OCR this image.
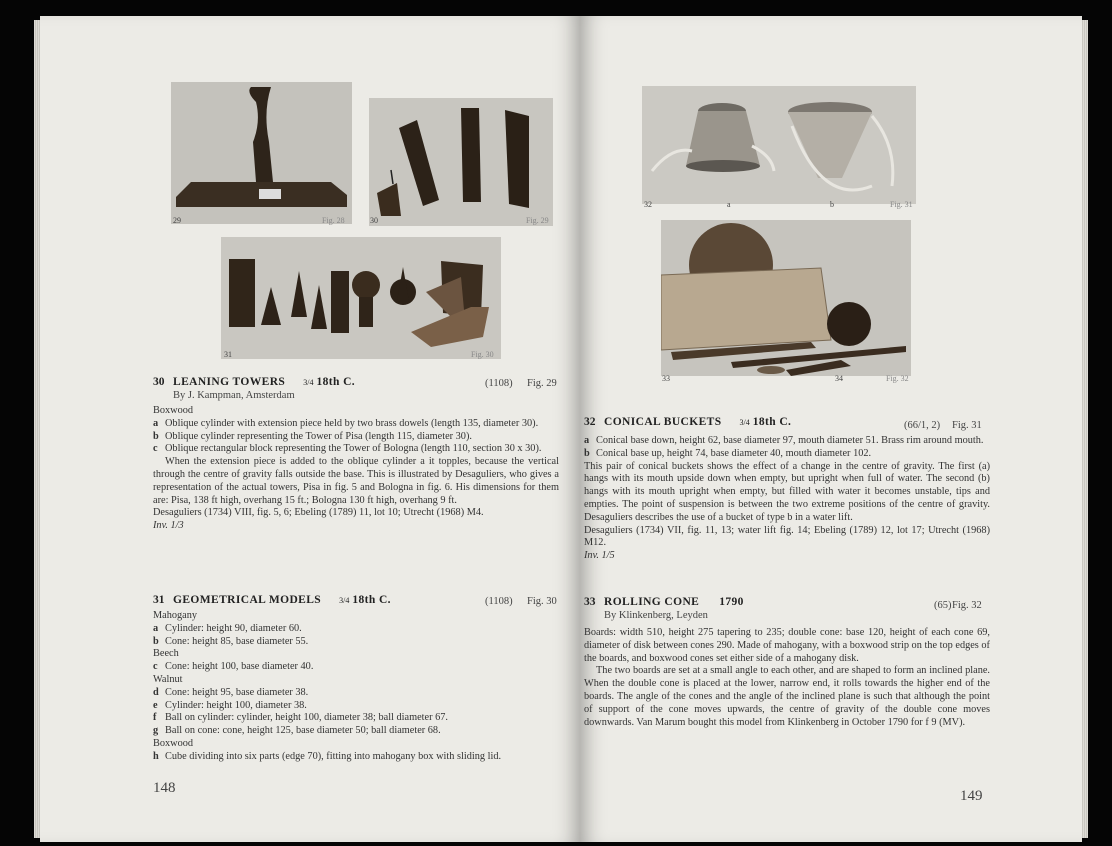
29	Fig. 28	30	Fig. 29
31	Fig. 30
30 LEANING TOWERS 3/4 18th C.	(1108) Fig. 29
By J. Kampman, Amsterdam

Boxwood

a Oblique cylinder with extension piece held by two brass dowels (length 135, diameter 30).

b Oblique cylinder representing the Tower of Pisa (length 115, diameter 30).

c Oblique rectangular block representing the Tower of Bologna (length 110, section 30 x 30).

When the extension piece is added to the oblique cylinder a it topples, because the vertical through the centre of gravity falls outside the base. This is illustrated by Desaguliers, who gives a representation of the actual towers, Pisa in fig. 5 and Bologna in fig. 6. His dimensions for them are: Pisa, 138 ft high, overhang 15 ft.; Bologna 130 ft high, overhang 9 ft.

Desaguliers (1734) VIII, fig. 5, 6; Ebeling (1789) 11, lot 10; Utrecht (1968) M4.

Inv. 1/3

31 GEOMETRICAL MODELS 3/4 18th C.	(1108) Fig. 30

Mahogany

a Cylinder: height 90, diameter 60.

b Cone: height 85, base diameter 55.

Beech

c Cone: height 100, base diameter 40.

Walnut

d Cone: height 95, base diameter 38.

e Cylinder: height 100, diameter 38.

f Ball on cylinder: cylinder, height 100, diameter 38; ball diameter 67.

g Ball on cone: cone, height 125, base diameter 50; ball diameter 68.

Boxwood

h Cube dividing into six parts (edge 70), fitting into mahogany box with sliding lid.

148
32	a	b	Fig. 31
33	34	Fig. 32
32 CONICAL BUCKETS 3/4 18th C.	(66/1, 2) Fig. 31

a Conical base down, height 62, base diameter 97, mouth diameter 51. Brass rim around mouth.

b Conical base up, height 74, base diameter 40, mouth diameter 102.

This pair of conical buckets shows the effect of a change in the centre of gravity. The first (a) hangs with its mouth upside down when empty, but upright when full of water. The second (b) hangs with its mouth upright when empty, but filled with water it becomes unstable, tips and empties. The point of suspension is between the two extreme positions of the centre of gravity. Desaguliers describes the use of a bucket of type b in a water lift.

Desaguliers (1734) VII, fig. 11, 13; water lift fig. 14; Ebeling (1789) 12, lot 17; Utrecht (1968) M12.

Inv. 1/5

33 ROLLING CONE 1790	(65) Fig. 32
By Klinkenberg, Leyden

Boards: width 510, height 275 tapering to 235; double cone: base 120, height of each cone 69, diameter of disk between cones 290. Made of mahogany, with a boxwood strip on the top edges of the boards, and boxwood cones set either side of a mahogany disk.

The two boards are set at a small angle to each other, and are shaped to form an inclined plane. When the double cone is placed at the lower, narrow end, it rolls towards the higher end of the boards. The angle of the cones and the angle of the inclined plane is such that although the point of support of the cone moves upwards, the centre of gravity of the double cone moves downwards. Van Marum bought this model from Klinkenberg in October 1790 for f 9 (MV).

149
